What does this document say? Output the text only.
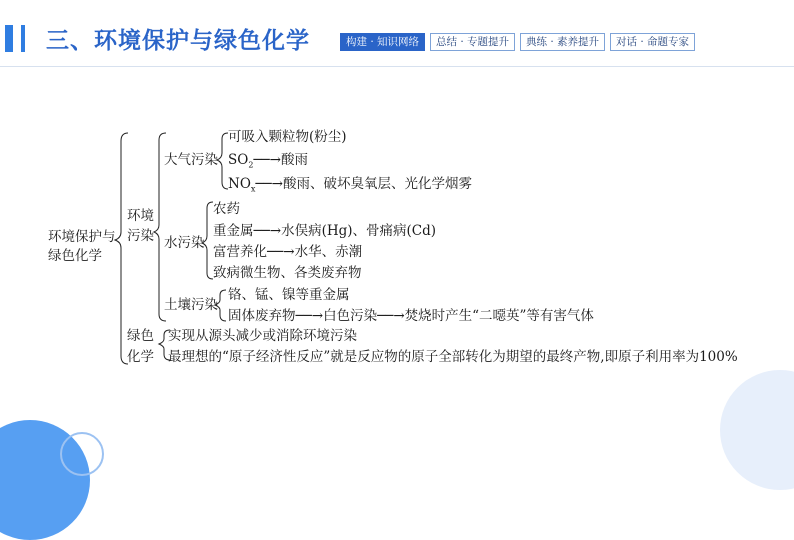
三、环境保护与绿色化学	构建 · 知识网络	总结 · 专题提升	典练 · 素养提升	对话 · 命题专家
环境保护与
绿色化学
环境
污染
大气污染
可吸入颗粒物(粉尘)
$SO_2──\to$酸雨
$NO_x──\to$酸雨、破坏臭氧层、光化学烟雾
水污染
农药
重金属──→水俣病(Hg)、骨痛病(Cd)
富营养化──→水华、赤潮
致病微生物、各类废弃物
土壤污染
铬、锰、镍等重金属
固体废弃物──→白色污染──→焚烧时产生“二噁英”等有害气体
绿色
化学
实现从源头减少或消除环境污染
最理想的“原子经济性反应”就是反应物的原子全部转化为期望的最终产物,即原子利用率为100%
